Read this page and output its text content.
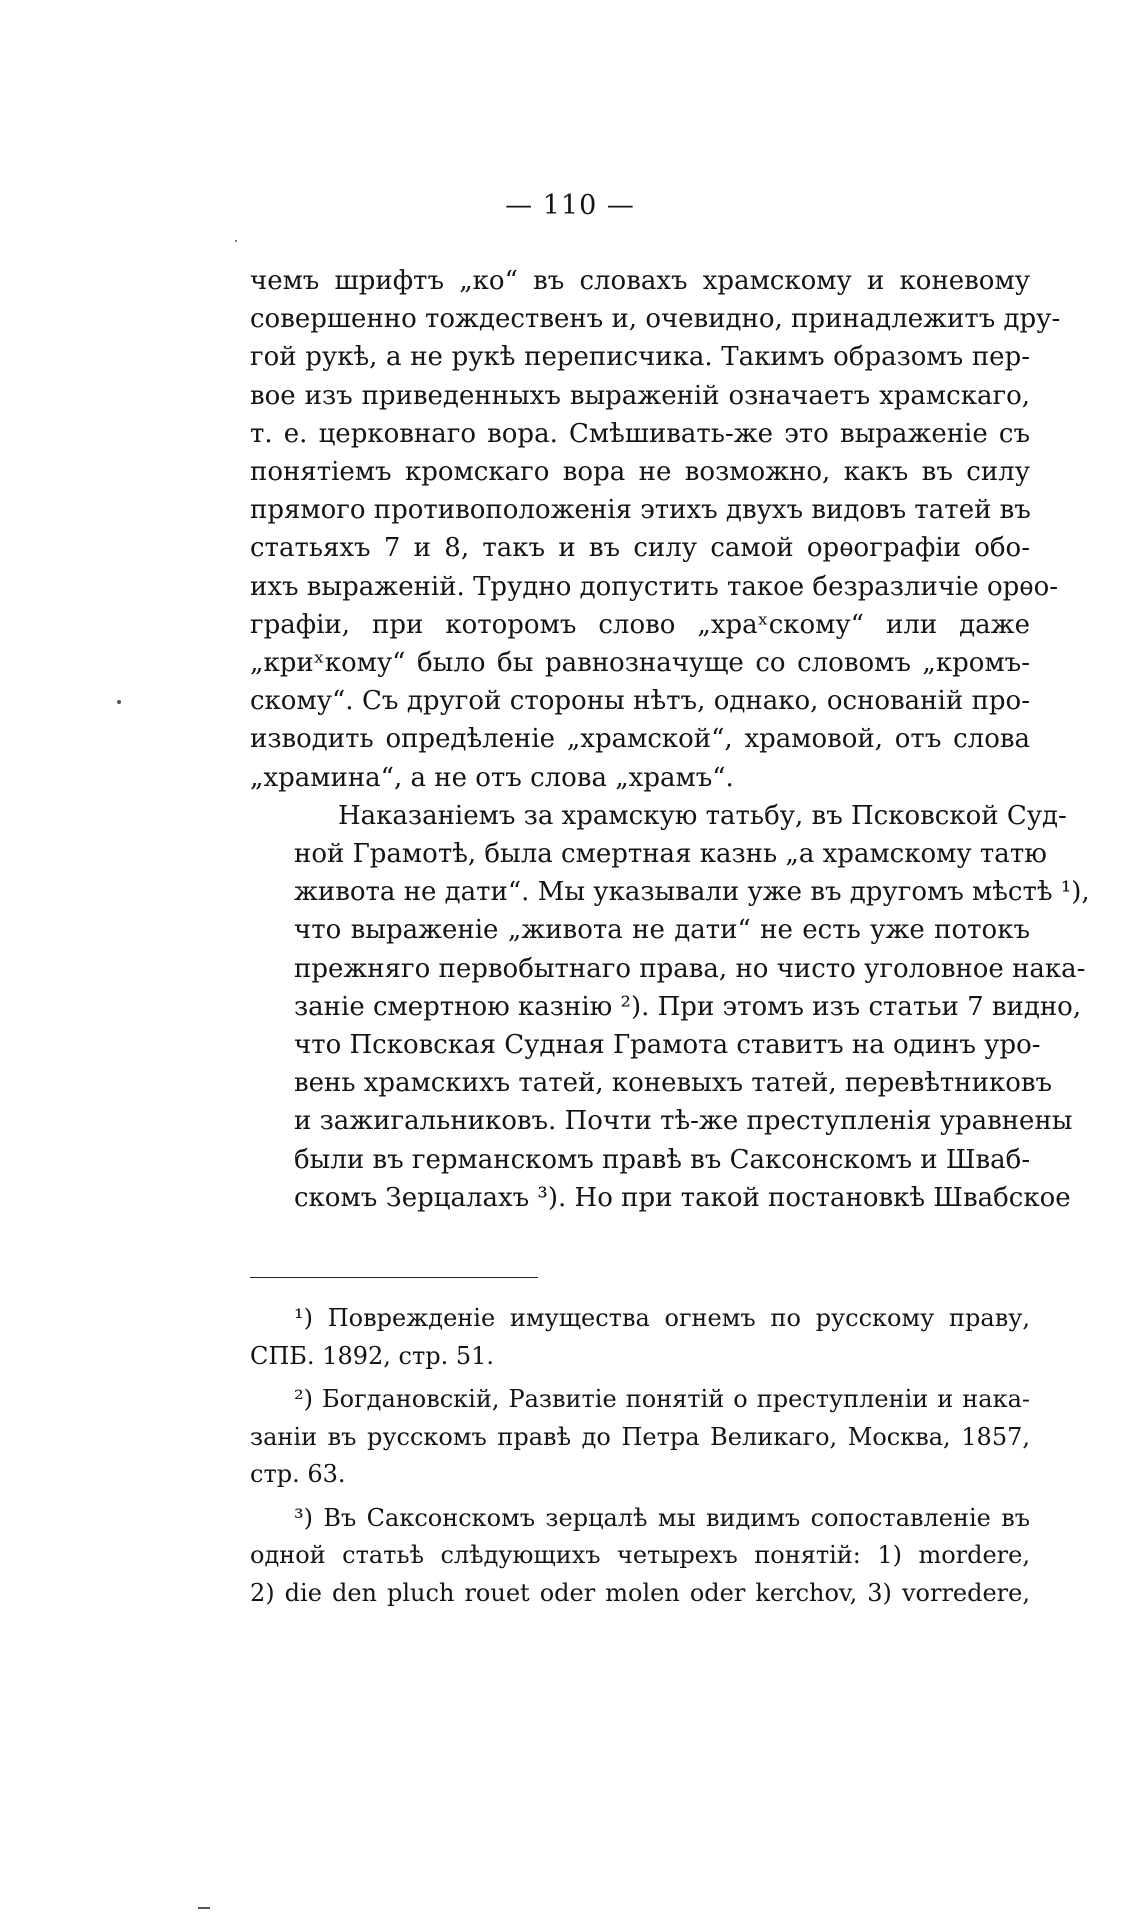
— 110 —

чемъ шрифтъ „ко“ въ словахъ храмскому и коневому
совершенно тождественъ и, очевидно, принадлежитъ дру-
гой рукѣ, а не рукѣ переписчика. Такимъ образомъ пер-
вое изъ приведенныхъ выраженій означаетъ храмскаго,
т. е. церковнаго вора. Смѣшивать-же это выраженіе съ
понятіемъ кромскаго вора не возможно, какъ въ силу
прямого противоположенія этихъ двухъ видовъ татей въ
статьяхъ 7 и 8, такъ и въ силу самой орѳографіи обо-
ихъ выраженій. Трудно допустить такое безразличіе орѳо-
графіи, при которомъ слово „храˣскому“ или даже
„криˣкому“ было бы равнозначуще со словомъ „кромъ-
скому“. Съ другой стороны нѣтъ, однако, основаній про-
изводить опредѣленіе „храмской“, храмовой, отъ слова
„храмина“, а не отъ слова „храмъ“.

Наказаніемъ за храмскую татьбу, въ Псковской Суд-
ной Грамотѣ, была смертная казнь „а храмскому татю
живота не дати“. Мы указывали уже въ другомъ мѣстѣ ¹),
что выраженіе „живота не дати“ не есть уже потокъ
прежняго первобытнаго права, но чисто уголовное нака-
заніе смертною казнію ²). При этомъ изъ статьи 7 видно,
что Псковская Судная Грамота ставитъ на одинъ уро-
вень храмскихъ татей, коневыхъ татей, перевѣтниковъ
и зажигальниковъ. Почти тѣ-же преступленія уравнены
были въ германскомъ правѣ въ Саксонскомъ и Шваб-
скомъ Зерцалахъ ³). Но при такой постановкѣ Швабское

¹) Поврежденіе имущества огнемъ по русскому праву,
СПБ. 1892, стр. 51.
²) Богдановскій, Развитіе понятій о преступленіи и нака-
заніи въ русскомъ правѣ до Петра Великаго, Москва, 1857,
стр. 63.
³) Въ Саксонскомъ зерцалѣ мы видимъ сопоставленіе въ
одной статьѣ слѣдующихъ четырехъ понятій: 1) mordere,
2) die den pluch rouet oder molen oder kerchov, 3) vorredere,
